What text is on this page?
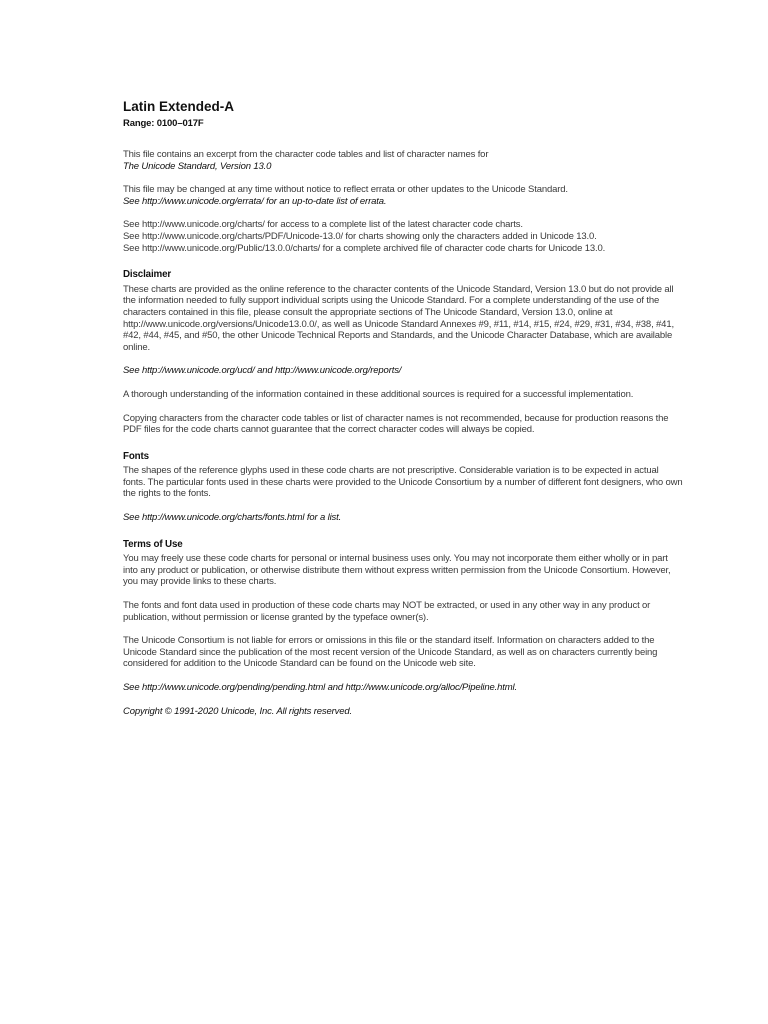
Latin Extended-A

Range: 0100–017F

This file contains an excerpt from the character code tables and list of character names for

The Unicode Standard, Version 13.0

This file may be changed at any time without notice to reflect errata or other updates to the Unicode Standard.

See http://www.unicode.org/errata/ for an up-to-date list of errata.

See http://www.unicode.org/charts/ for access to a complete list of the latest character code charts.

See http://www.unicode.org/charts/PDF/Unicode-13.0/ for charts showing only the characters added in Unicode 13.0.

See http://www.unicode.org/Public/13.0.0/charts/ for a complete archived file of character code charts for Unicode 13.0.

Disclaimer

These charts are provided as the online reference to the character contents of the Unicode Standard, Version 13.0 but do not provide all the information needed to fully support individual scripts using the Unicode Standard. For a complete understanding of the use of the characters contained in this file, please consult the appropriate sections of The Unicode Standard, Version 13.0, online at http://www.unicode.org/versions/Unicode13.0.0/, as well as Unicode Standard Annexes #9, #11, #14, #15, #24, #29, #31, #34, #38, #41, #42, #44, #45, and #50, the other Unicode Technical Reports and Standards, and the Unicode Character Database, which are available online.

See http://www.unicode.org/ucd/ and http://www.unicode.org/reports/

A thorough understanding of the information contained in these additional sources is required for a successful implementation.

Copying characters from the character code tables or list of character names is not recommended, because for production reasons the PDF files for the code charts cannot guarantee that the correct character codes will always be copied.

Fonts

The shapes of the reference glyphs used in these code charts are not prescriptive. Considerable variation is to be expected in actual fonts. The particular fonts used in these charts were provided to the Unicode Consortium by a number of different font designers, who own the rights to the fonts.

See http://www.unicode.org/charts/fonts.html for a list.

Terms of Use

You may freely use these code charts for personal or internal business uses only. You may not incorporate them either wholly or in part into any product or publication, or otherwise distribute them without express written permission from the Unicode Consortium. However, you may provide links to these charts.

The fonts and font data used in production of these code charts may NOT be extracted, or used in any other way in any product or publication, without permission or license granted by the typeface owner(s).

The Unicode Consortium is not liable for errors or omissions in this file or the standard itself. Information on characters added to the Unicode Standard since the publication of the most recent version of the Unicode Standard, as well as on characters currently being considered for addition to the Unicode Standard can be found on the Unicode web site.

See http://www.unicode.org/pending/pending.html and http://www.unicode.org/alloc/Pipeline.html.

Copyright © 1991-2020 Unicode, Inc. All rights reserved.
